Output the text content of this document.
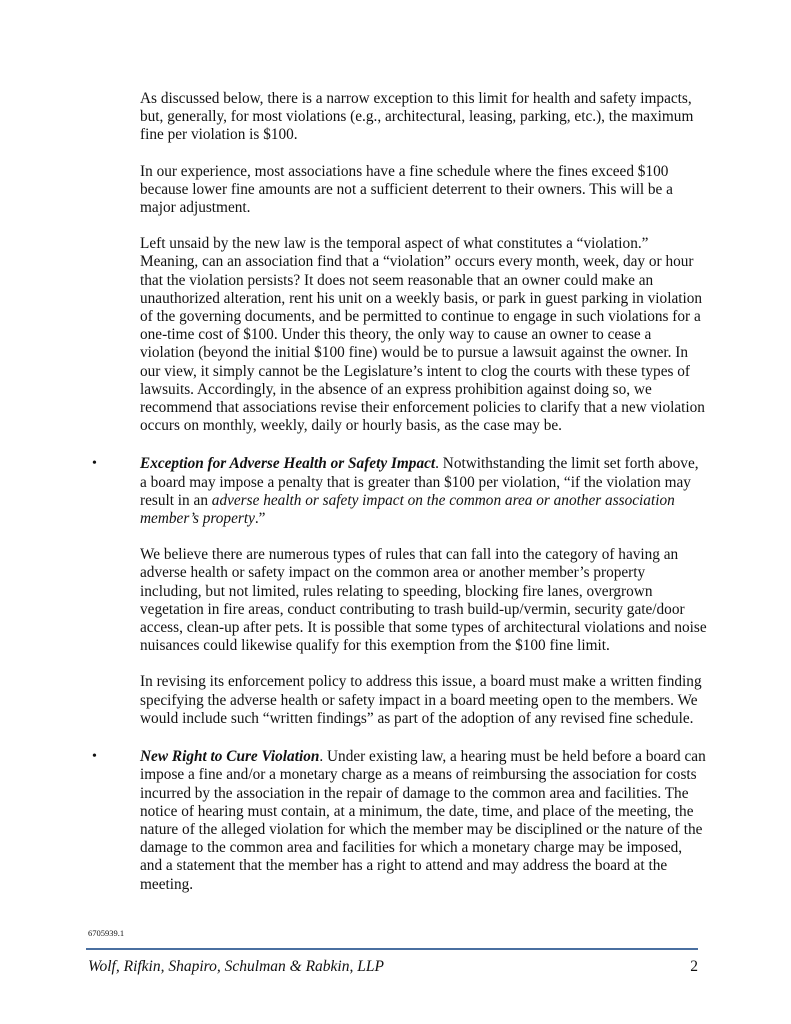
As discussed below, there is a narrow exception to this limit for health and safety impacts, but, generally, for most violations (e.g., architectural, leasing, parking, etc.), the maximum fine per violation is $100.

In our experience, most associations have a fine schedule where the fines exceed $100 because lower fine amounts are not a sufficient deterrent to their owners. This will be a major adjustment.

Left unsaid by the new law is the temporal aspect of what constitutes a “violation.” Meaning, can an association find that a “violation” occurs every month, week, day or hour that the violation persists? It does not seem reasonable that an owner could make an unauthorized alteration, rent his unit on a weekly basis, or park in guest parking in violation of the governing documents, and be permitted to continue to engage in such violations for a one-time cost of $100. Under this theory, the only way to cause an owner to cease a violation (beyond the initial $100 fine) would be to pursue a lawsuit against the owner. In our view, it simply cannot be the Legislature’s intent to clog the courts with these types of lawsuits. Accordingly, in the absence of an express prohibition against doing so, we recommend that associations revise their enforcement policies to clarify that a new violation occurs on monthly, weekly, daily or hourly basis, as the case may be.

•	Exception for Adverse Health or Safety Impact. Notwithstanding the limit set forth above, a board may impose a penalty that is greater than $100 per violation, “if the violation may result in an adverse health or safety impact on the common area or another association member’s property.”

We believe there are numerous types of rules that can fall into the category of having an adverse health or safety impact on the common area or another member’s property including, but not limited, rules relating to speeding, blocking fire lanes, overgrown vegetation in fire areas, conduct contributing to trash build-up/vermin, security gate/door access, clean-up after pets. It is possible that some types of architectural violations and noise nuisances could likewise qualify for this exemption from the $100 fine limit.

In revising its enforcement policy to address this issue, a board must make a written finding specifying the adverse health or safety impact in a board meeting open to the members. We would include such “written findings” as part of the adoption of any revised fine schedule.

•	New Right to Cure Violation. Under existing law, a hearing must be held before a board can impose a fine and/or a monetary charge as a means of reimbursing the association for costs incurred by the association in the repair of damage to the common area and facilities. The notice of hearing must contain, at a minimum, the date, time, and place of the meeting, the nature of the alleged violation for which the member may be disciplined or the nature of the damage to the common area and facilities for which a monetary charge may be imposed, and a statement that the member has a right to attend and may address the board at the meeting.

6705939.1
Wolf, Rifkin, Shapiro, Schulman & Rabkin, LLP	2
